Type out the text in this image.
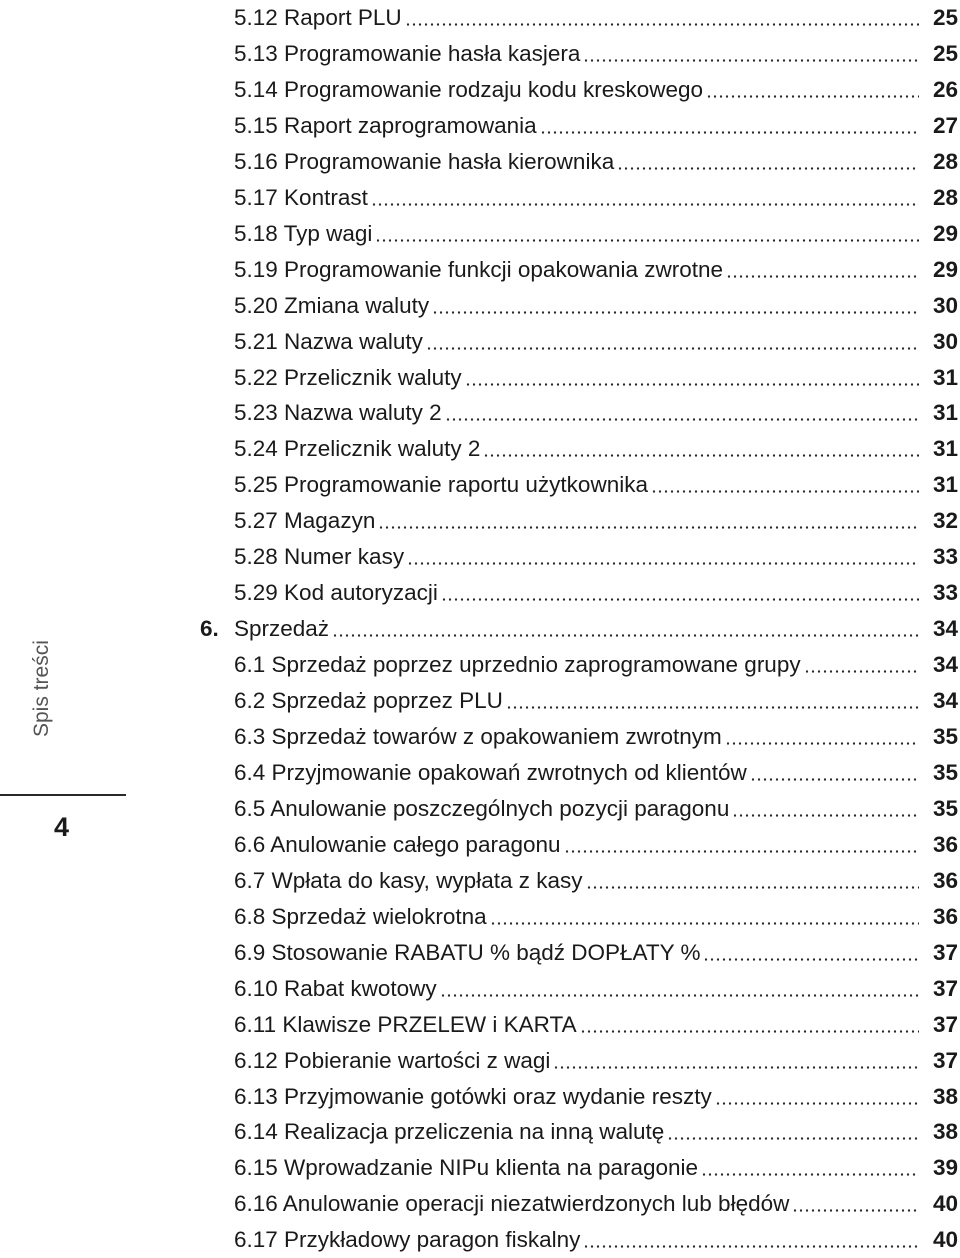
Spis treści
4
5.12 Raport PLU	25
5.13 Programowanie hasła kasjera	25
5.14 Programowanie rodzaju kodu kreskowego	26
5.15 Raport zaprogramowania	27
5.16 Programowanie hasła kierownika	28
5.17 Kontrast	28
5.18 Typ wagi	29
5.19 Programowanie funkcji opakowania zwrotne	29
5.20 Zmiana waluty	30
5.21 Nazwa waluty	30
5.22 Przelicznik waluty	31
5.23 Nazwa waluty 2	31
5.24 Przelicznik waluty 2	31
5.25 Programowanie raportu użytkownika	31
5.27 Magazyn	32
5.28 Numer kasy	33
5.29 Kod autoryzacji	33
6. Sprzedaż	34
6.1 Sprzedaż poprzez uprzednio zaprogramowane grupy	34
6.2 Sprzedaż poprzez PLU	34
6.3 Sprzedaż towarów z opakowaniem zwrotnym	35
6.4 Przyjmowanie opakowań zwrotnych od klientów	35
6.5 Anulowanie poszczególnych pozycji paragonu	35
6.6 Anulowanie całego paragonu	36
6.7 Wpłata do kasy, wypłata z kasy	36
6.8 Sprzedaż wielokrotna	36
6.9 Stosowanie RABATU % bądź DOPŁATY %	37
6.10 Rabat kwotowy	37
6.11 Klawisze PRZELEW i KARTA	37
6.12 Pobieranie wartości z wagi	37
6.13 Przyjmowanie gotówki oraz wydanie reszty	38
6.14 Realizacja przeliczenia na inną walutę	38
6.15 Wprowadzanie NIPu klienta na paragonie	39
6.16 Anulowanie operacji niezatwierdzonych lub błędów	40
6.17 Przykładowy paragon fiskalny	40
